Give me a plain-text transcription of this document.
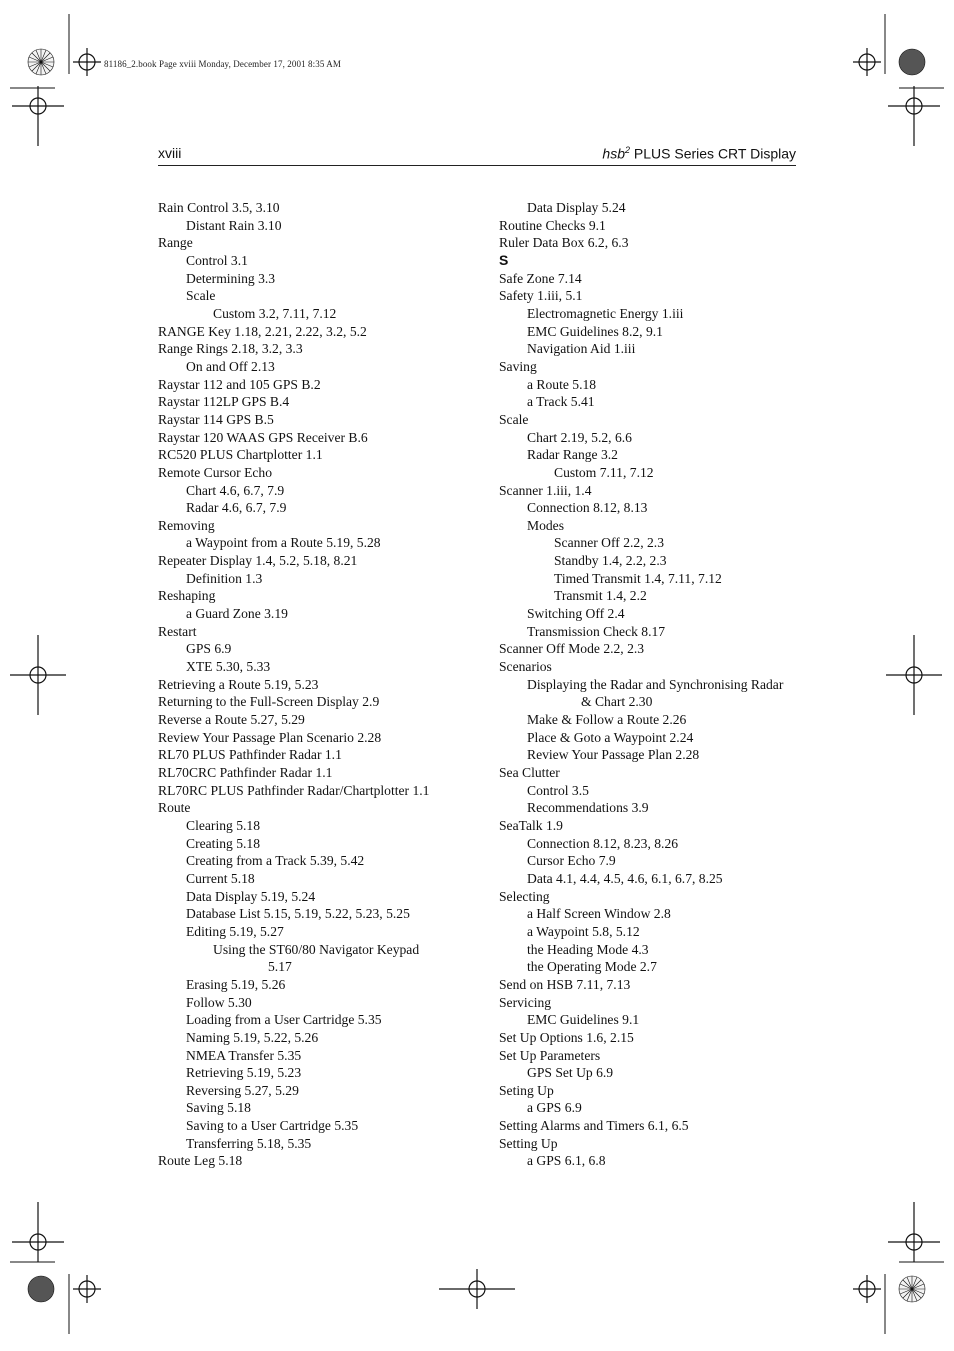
81186_2.book Page xviii Monday, December 17, 2001 8:35 AM
xviii	hsb$^2$ PLUS Series CRT Display
Rain Control 3.5, 3.10
Distant Rain 3.10
Range
Control 3.1
Determining 3.3
Scale
Custom 3.2, 7.11, 7.12
RANGE Key 1.18, 2.21, 2.22, 3.2, 5.2
Range Rings 2.18, 3.2, 3.3
On and Off 2.13
Raystar 112 and 105 GPS B.2
Raystar 112LP GPS B.4
Raystar 114 GPS B.5
Raystar 120 WAAS GPS Receiver B.6
RC520 PLUS Chartplotter 1.1
Remote Cursor Echo
Chart 4.6, 6.7, 7.9
Radar 4.6, 6.7, 7.9
Removing
a Waypoint from a Route 5.19, 5.28
Repeater Display 1.4, 5.2, 5.18, 8.21
Definition 1.3
Reshaping
a Guard Zone 3.19
Restart
GPS 6.9
XTE 5.30, 5.33
Retrieving a Route 5.19, 5.23
Returning to the Full-Screen Display 2.9
Reverse a Route 5.27, 5.29
Review Your Passage Plan Scenario 2.28
RL70 PLUS Pathfinder Radar 1.1
RL70CRC Pathfinder Radar 1.1
RL70RC PLUS Pathfinder Radar/Chartplotter 1.1
Route
Clearing 5.18
Creating 5.18
Creating from a Track 5.39, 5.42
Current 5.18
Data Display 5.19, 5.24
Database List 5.15, 5.19, 5.22, 5.23, 5.25
Editing 5.19, 5.27
Using the ST60/80 Navigator Keypad
5.17
Erasing 5.19, 5.26
Follow 5.30
Loading from a User Cartridge 5.35
Naming 5.19, 5.22, 5.26
NMEA Transfer 5.35
Retrieving 5.19, 5.23
Reversing 5.27, 5.29
Saving 5.18
Saving to a User Cartridge 5.35
Transferring 5.18, 5.35
Route Leg 5.18
Data Display 5.24
Routine Checks 9.1
Ruler Data Box 6.2, 6.3
S
Safe Zone 7.14
Safety 1.iii, 5.1
Electromagnetic Energy 1.iii
EMC Guidelines 8.2, 9.1
Navigation Aid 1.iii
Saving
a Route 5.18
a Track 5.41
Scale
Chart 2.19, 5.2, 6.6
Radar Range 3.2
Custom 7.11, 7.12
Scanner 1.iii, 1.4
Connection 8.12, 8.13
Modes
Scanner Off 2.2, 2.3
Standby 1.4, 2.2, 2.3
Timed Transmit 1.4, 7.11, 7.12
Transmit 1.4, 2.2
Switching Off 2.4
Transmission Check 8.17
Scanner Off Mode 2.2, 2.3
Scenarios
Displaying the Radar and Synchronising Radar
& Chart 2.30
Make & Follow a Route 2.26
Place & Goto a Waypoint 2.24
Review Your Passage Plan 2.28
Sea Clutter
Control 3.5
Recommendations 3.9
SeaTalk 1.9
Connection 8.12, 8.23, 8.26
Cursor Echo 7.9
Data 4.1, 4.4, 4.5, 4.6, 6.1, 6.7, 8.25
Selecting
a Half Screen Window 2.8
a Waypoint 5.8, 5.12
the Heading Mode 4.3
the Operating Mode 2.7
Send on HSB 7.11, 7.13
Servicing
EMC Guidelines 9.1
Set Up Options 1.6, 2.15
Set Up Parameters
GPS Set Up 6.9
Seting Up
a GPS 6.9
Setting Alarms and Timers 6.1, 6.5
Setting Up
a GPS 6.1, 6.8
